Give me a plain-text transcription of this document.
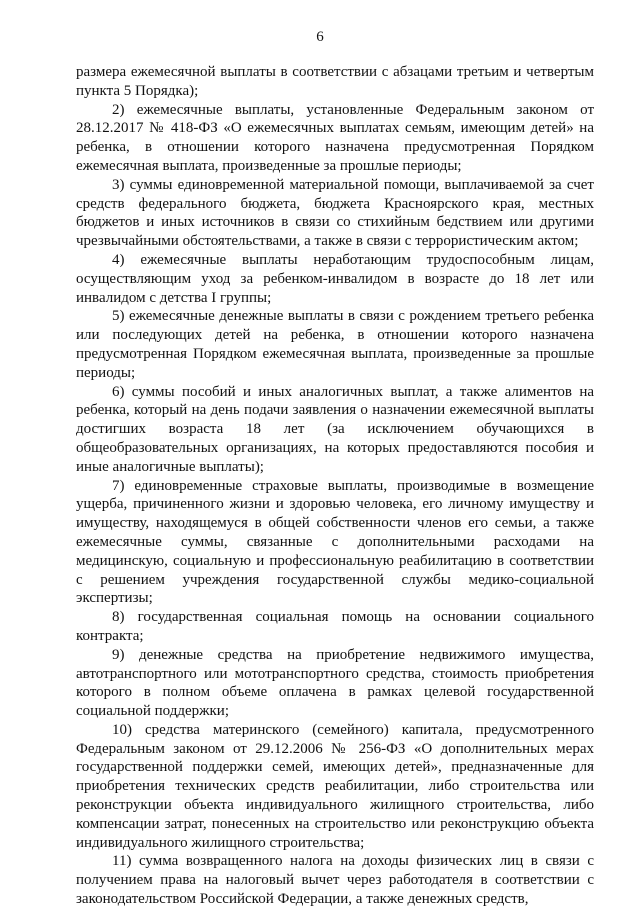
6

размера ежемесячной выплаты в соответствии с абзацами третьим и четвертым пункта 5 Порядка);

2) ежемесячные выплаты, установленные Федеральным законом от 28.12.2017 № 418-ФЗ «О ежемесячных выплатах семьям, имеющим детей» на ребенка, в отношении которого назначена предусмотренная Порядком ежемесячная выплата, произведенные за прошлые периоды;

3) суммы единовременной материальной помощи, выплачиваемой за счет средств федерального бюджета, бюджета Красноярского края, местных бюджетов и иных источников в связи со стихийным бедствием или другими чрезвычайными обстоятельствами, а также в связи с террористическим актом;

4) ежемесячные выплаты неработающим трудоспособным лицам, осуществляющим уход за ребенком-инвалидом в возрасте до 18 лет или инвалидом с детства I группы;

5) ежемесячные денежные выплаты в связи с рождением третьего ребенка или последующих детей на ребенка, в отношении которого назначена предусмотренная Порядком ежемесячная выплата, произведенные за прошлые периоды;

6) суммы пособий и иных аналогичных выплат, а также алиментов на ребенка, который на день подачи заявления о назначении ежемесячной выплаты достигших возраста 18 лет (за исключением обучающихся в общеобразовательных организациях, на которых предоставляются пособия и иные аналогичные выплаты);

7) единовременные страховые выплаты, производимые в возмещение ущерба, причиненного жизни и здоровью человека, его личному имуществу и имуществу, находящемуся в общей собственности членов его семьи, а также ежемесячные суммы, связанные с дополнительными расходами на медицинскую, социальную и профессиональную реабилитацию в соответствии с решением учреждения государственной службы медико-социальной экспертизы;

8) государственная социальная помощь на основании социального контракта;

9) денежные средства на приобретение недвижимого имущества, автотранспортного или мототранспортного средства, стоимость приобретения которого в полном объеме оплачена в рамках целевой государственной социальной поддержки;

10) средства материнского (семейного) капитала, предусмотренного Федеральным законом от 29.12.2006 № 256-ФЗ «О дополнительных мерах государственной поддержки семей, имеющих детей», предназначенные для приобретения технических средств реабилитации, либо строительства или реконструкции объекта индивидуального жилищного строительства, либо компенсации затрат, понесенных на строительство или реконструкцию объекта индивидуального жилищного строительства;

11) сумма возвращенного налога на доходы физических лиц в связи с получением права на налоговый вычет через работодателя в соответствии с законодательством Российской Федерации, а также денежных средств,
